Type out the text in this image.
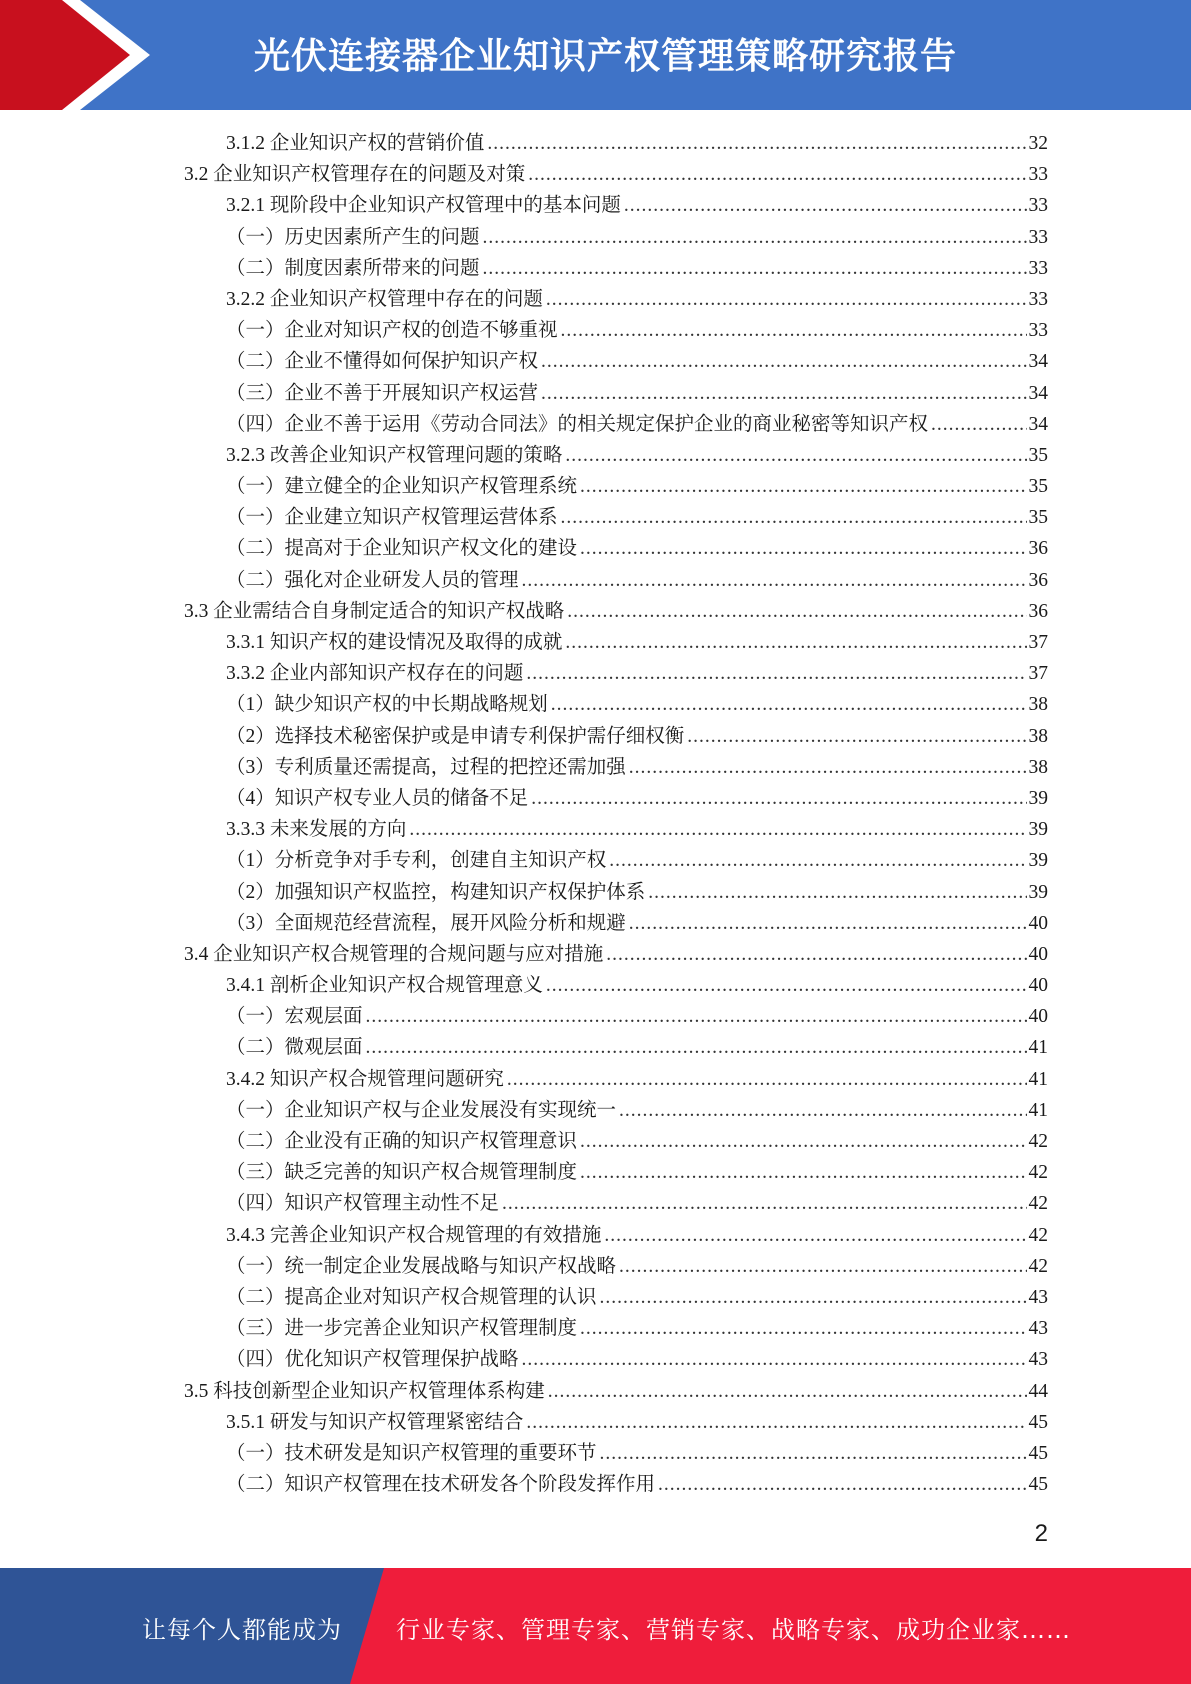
光伏连接器企业知识产权管理策略研究报告
3.1.2 企业知识产权的营销价值 .....	32
3.2 企业知识产权管理存在的问题及对策 .....	33
3.2.1 现阶段中企业知识产权管理中的基本问题 .....	33
（一）历史因素所产生的问题 .....	33
（二）制度因素所带来的问题 .....	33
3.2.2 企业知识产权管理中存在的问题 .....	33
（一）企业对知识产权的创造不够重视 .....	33
（二）企业不懂得如何保护知识产权 .....	34
（三）企业不善于开展知识产权运营 .....	34
（四）企业不善于运用《劳动合同法》的相关规定保护企业的商业秘密等知识产权 .....	34
3.2.3 改善企业知识产权管理问题的策略 .....	35
（一）建立健全的企业知识产权管理系统 .....	35
（一）企业建立知识产权管理运营体系 .....	35
（二）提高对于企业知识产权文化的建设 .....	36
（二）强化对企业研发人员的管理 .....	36
3.3 企业需结合自身制定适合的知识产权战略 .....	36
3.3.1 知识产权的建设情况及取得的成就 .....	37
3.3.2 企业内部知识产权存在的问题 .....	37
（1）缺少知识产权的中长期战略规划 .....	38
（2）选择技术秘密保护或是申请专利保护需仔细权衡 .....	38
（3）专利质量还需提高，过程的把控还需加强 .....	38
（4）知识产权专业人员的储备不足 .....	39
3.3.3 未来发展的方向 .....	39
（1）分析竞争对手专利，创建自主知识产权 .....	39
（2）加强知识产权监控，构建知识产权保护体系 .....	39
（3）全面规范经营流程，展开风险分析和规避 .....	40
3.4 企业知识产权合规管理的合规问题与应对措施 .....	40
3.4.1 剖析企业知识产权合规管理意义 .....	40
（一）宏观层面 .....	40
（二）微观层面 .....	41
3.4.2 知识产权合规管理问题研究 .....	41
（一）企业知识产权与企业发展没有实现统一 .....	41
（二）企业没有正确的知识产权管理意识 .....	42
（三）缺乏完善的知识产权合规管理制度 .....	42
（四）知识产权管理主动性不足 .....	42
3.4.3 完善企业知识产权合规管理的有效措施 .....	42
（一）统一制定企业发展战略与知识产权战略 .....	42
（二）提高企业对知识产权合规管理的认识 .....	43
（三）进一步完善企业知识产权管理制度 .....	43
（四）优化知识产权管理保护战略 .....	43
3.5 科技创新型企业知识产权管理体系构建 .....	44
3.5.1 研发与知识产权管理紧密结合 .....	45
（一）技术研发是知识产权管理的重要环节 .....	45
（二）知识产权管理在技术研发各个阶段发挥作用 .....	45
2
让每个人都能成为 行业专家、管理专家、营销专家、战略专家、成功企业家……
